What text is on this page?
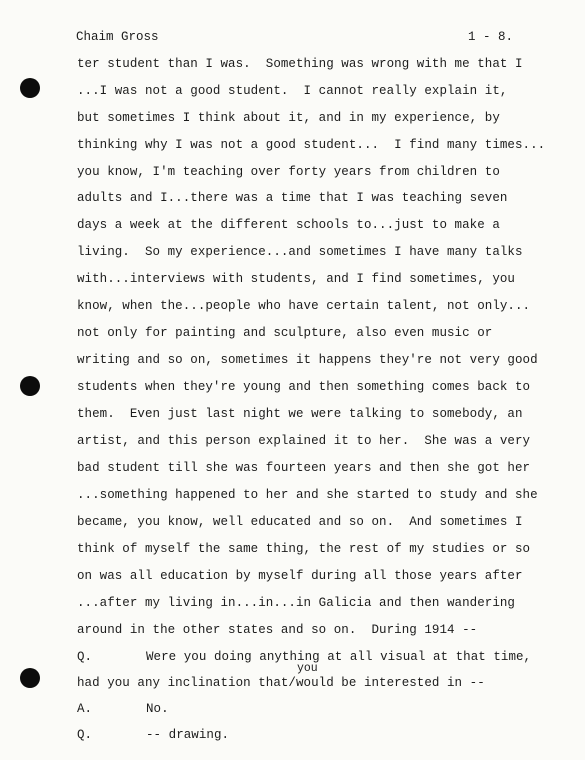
Chaim Gross	1 - 8.
ter student than I was.  Something was wrong with me that I
...I was not a good student.  I cannot really explain it,
but sometimes I think about it, and in my experience, by
thinking why I was not a good student...  I find many times...
you know, I'm teaching over forty years from children to
adults and I...there was a time that I was teaching seven
days a week at the different schools to...just to make a
living.  So my experience...and sometimes I have many talks
with...interviews with students, and I find sometimes, you
know, when the...people who have certain talent, not only...
not only for painting and sculpture, also even music or
writing and so on, sometimes it happens they're not very good
students when they're young and then something comes back to
them.  Even just last night we were talking to somebody, an
artist, and this person explained it to her.  She was a very
bad student till she was fourteen years and then she got her
...something happened to her and she started to study and she
became, you know, well educated and so on.  And sometimes I
think of myself the same thing, the rest of my studies or so
on was all education by myself during all those years after
...after my living in...in...in Galicia and then wandering
around in the other states and so on.  During 1914 --
Q.	Were you doing anything at all visual at that time,
you
had you any inclination that/would be interested in --
A.	No.
Q.	-- drawing.
